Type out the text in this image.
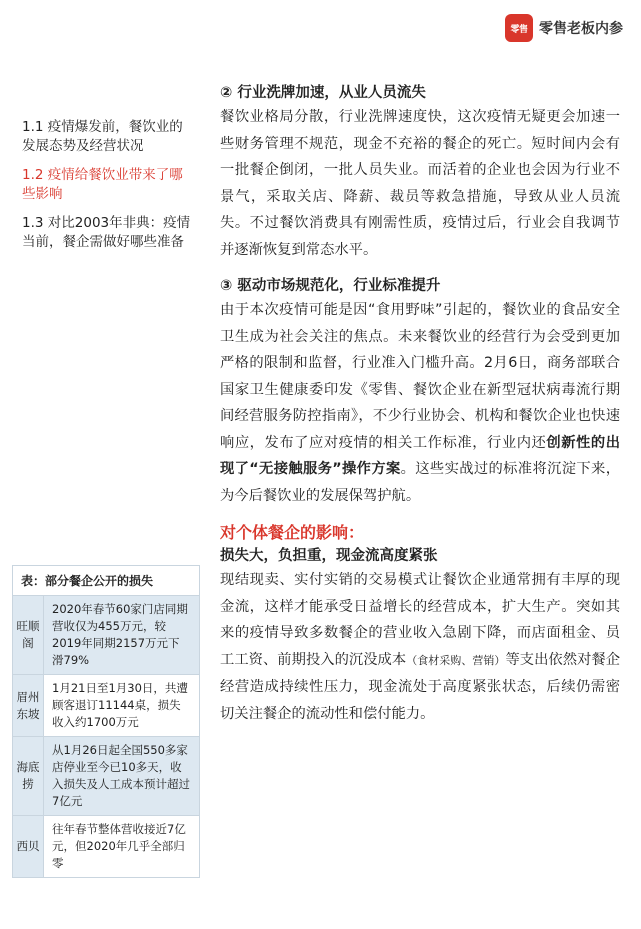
零售 零售老板内参
1.1 疫情爆发前，餐饮业的发展态势及经营状况
1.2 疫情给餐饮业带来了哪些影响
1.3 对比2003年非典：疫情当前，餐企需做好哪些准备
表：部分餐企公开的损失	
旺顺阁	2020年春节60家门店同期营收仅为455万元，较2019年同期2157万元下滑79%
眉州东坡	1月21日至1月30日，共遭顾客退订11144桌，损失收入约1700万元
海底捞	从1月26日起全国550多家店停业至今已10多天，收入损失及人工成本预计超过7亿元
西贝	往年春节整体营收接近7亿元，但2020年几乎全部归零

② 行业洗牌加速，从业人员流失

餐饮业格局分散，行业洗牌速度快，这次疫情无疑更会加速一些财务管理不规范，现金不充裕的餐企的死亡。短时间内会有一批餐企倒闭，一批人员失业。而活着的企业也会因为行业不景气，采取关店、降薪、裁员等救急措施，导致从业人员流失。不过餐饮消费具有刚需性质，疫情过后，行业会自我调节并逐渐恢复到常态水平。

③ 驱动市场规范化，行业标准提升

由于本次疫情可能是因“食用野味”引起的，餐饮业的食品安全卫生成为社会关注的焦点。未来餐饮业的经营行为会受到更加严格的限制和监督，行业准入门槛升高。2月6日，商务部联合国家卫生健康委印发《零售、餐饮企业在新型冠状病毒流行期间经营服务防控指南》，不少行业协会、机构和餐饮企业也快速响应，发布了应对疫情的相关工作标准，行业内还创新性的出现了“无接触服务”操作方案。这些实战过的标准将沉淀下来，为今后餐饮业的发展保驾护航。

对个体餐企的影响：

损失大，负担重，现金流高度紧张

现结现卖、实付实销的交易模式让餐饮企业通常拥有丰厚的现金流，这样才能承受日益增长的经营成本，扩大生产。突如其来的疫情导致多数餐企的营业收入急剧下降，而店面租金、员工工资、前期投入的沉没成本（食材采购、营销）等支出依然对餐企经营造成持续性压力，现金流处于高度紧张状态，后续仍需密切关注餐企的流动性和偿付能力。
